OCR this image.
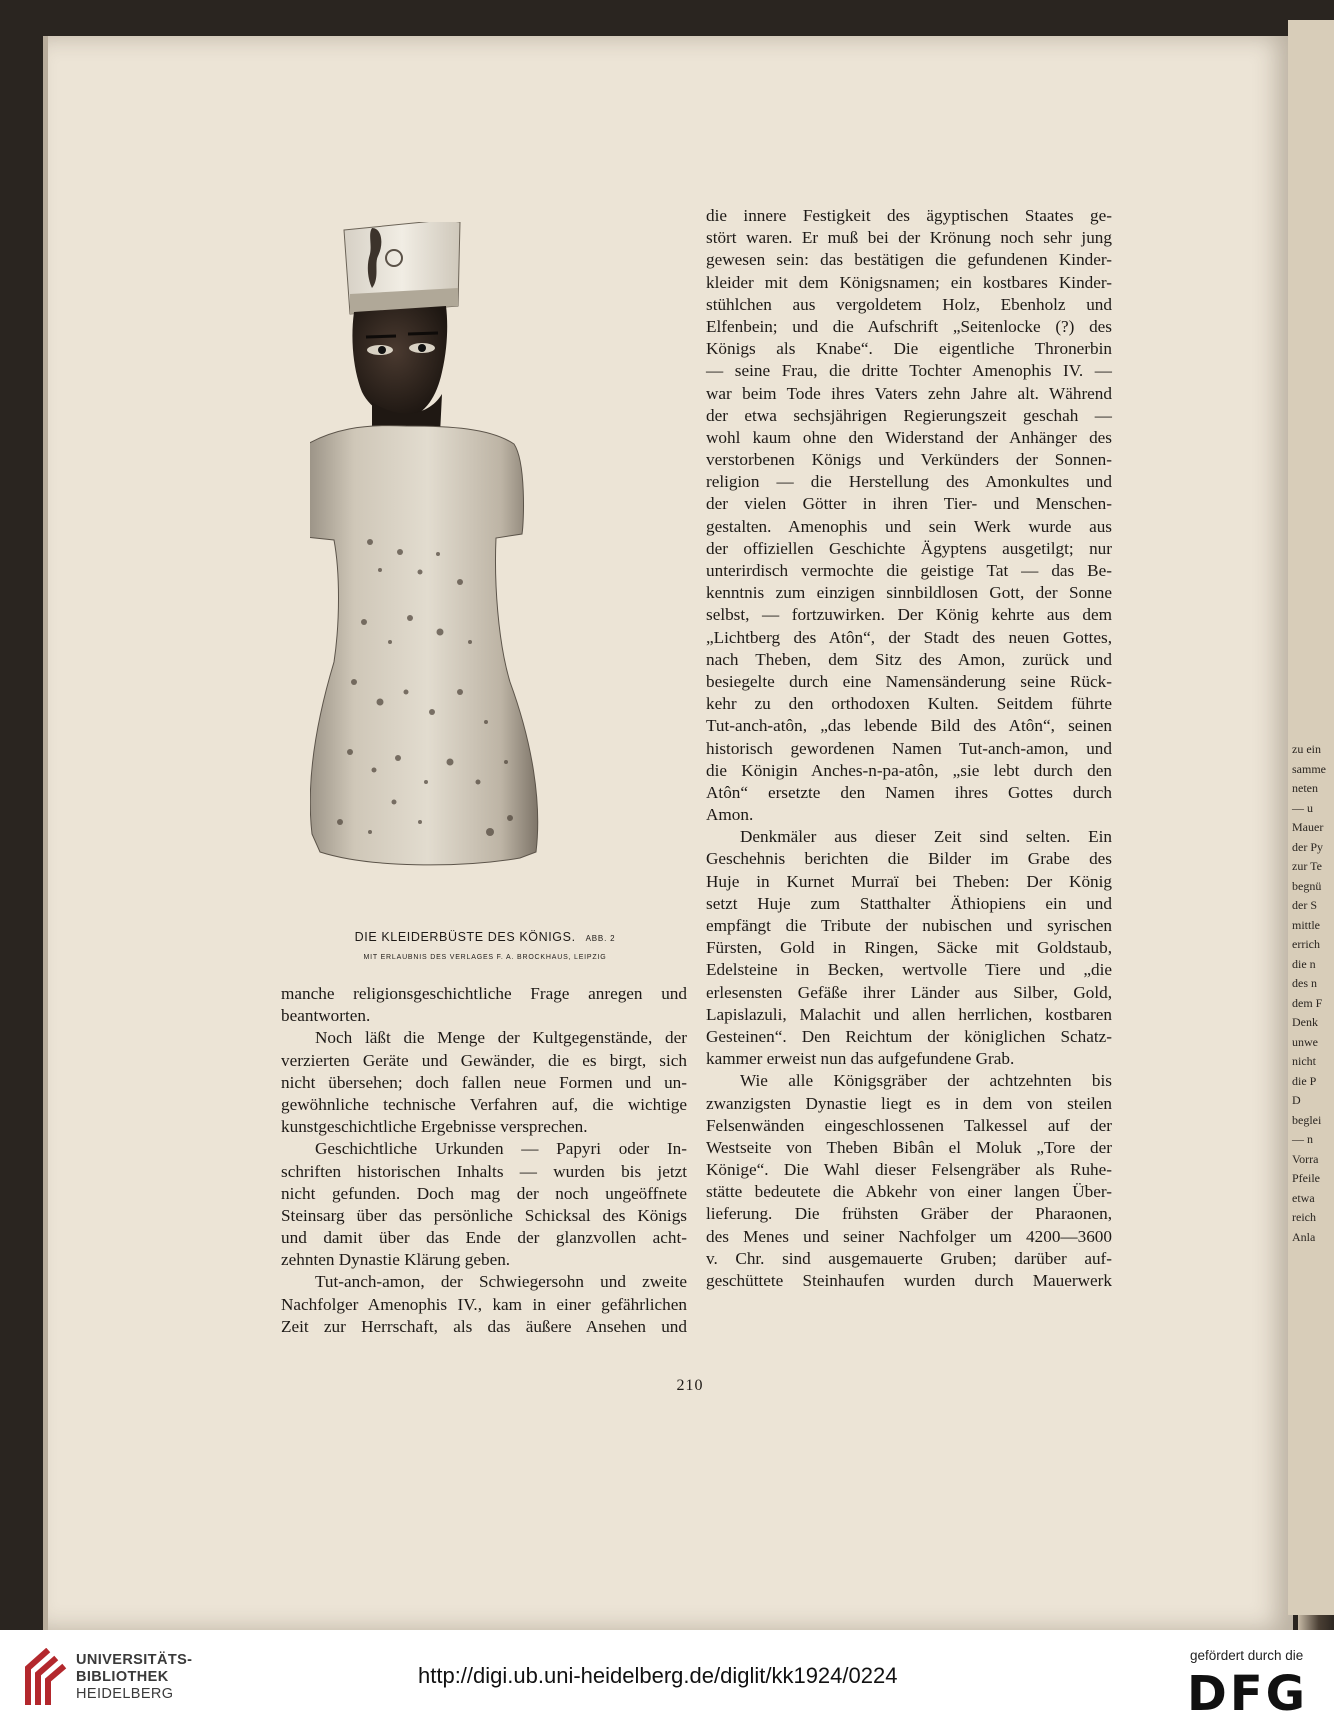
zu ein
samme
neten
— u
Mauer
der Py
zur Te
begnü
der S
mittle
errich
die n
des n
dem F
Denk
unwe
nicht
die P
D
beglei
— n
Vorra
Pfeile
etwa
reich
Anla

DIE KLEIDERBÜSTE DES KÖNIGS. ABB. 2

MIT ERLAUBNIS DES VERLAGES F. A. BROCKHAUS, LEIPZIG

manche religionsgeschichtliche Frage anregen und
beantworten.
Noch läßt die Menge der Kultgegenstände, der
verzierten Geräte und Gewänder, die es birgt, sich
nicht übersehen; doch fallen neue Formen und un-
gewöhnliche technische Verfahren auf, die wichtige
kunstgeschichtliche Ergebnisse versprechen.
Geschichtliche Urkunden — Papyri oder In-
schriften historischen Inhalts — wurden bis jetzt
nicht gefunden. Doch mag der noch ungeöffnete
Steinsarg über das persönliche Schicksal des Königs
und damit über das Ende der glanzvollen acht-
zehnten Dynastie Klärung geben.
Tut-anch-amon, der Schwiegersohn und zweite
Nachfolger Amenophis IV., kam in einer gefährlichen
Zeit zur Herrschaft, als das äußere Ansehen und
die innere Festigkeit des ägyptischen Staates ge-
stört waren. Er muß bei der Krönung noch sehr jung
gewesen sein: das bestätigen die gefundenen Kinder-
kleider mit dem Königsnamen; ein kostbares Kinder-
stühlchen aus vergoldetem Holz, Ebenholz und
Elfenbein; und die Aufschrift „Seitenlocke (?) des
Königs als Knabe“. Die eigentliche Thronerbin
— seine Frau, die dritte Tochter Amenophis IV. —
war beim Tode ihres Vaters zehn Jahre alt. Während
der etwa sechsjährigen Regierungszeit geschah —
wohl kaum ohne den Widerstand der Anhänger des
verstorbenen Königs und Verkünders der Sonnen-
religion — die Herstellung des Amonkultes und
der vielen Götter in ihren Tier- und Menschen-
gestalten. Amenophis und sein Werk wurde aus
der offiziellen Geschichte Ägyptens ausgetilgt; nur
unterirdisch vermochte die geistige Tat — das Be-
kenntnis zum einzigen sinnbildlosen Gott, der Sonne
selbst, — fortzuwirken. Der König kehrte aus dem
„Lichtberg des Atôn“, der Stadt des neuen Gottes,
nach Theben, dem Sitz des Amon, zurück und
besiegelte durch eine Namensänderung seine Rück-
kehr zu den orthodoxen Kulten. Seitdem führte
Tut-anch-atôn, „das lebende Bild des Atôn“, seinen
historisch gewordenen Namen Tut-anch-amon, und
die Königin Anches-n-pa-atôn, „sie lebt durch den
Atôn“ ersetzte den Namen ihres Gottes durch
Amon.
Denkmäler aus dieser Zeit sind selten. Ein
Geschehnis berichten die Bilder im Grabe des
Huje in Kurnet Murraï bei Theben: Der König
setzt Huje zum Statthalter Äthiopiens ein und
empfängt die Tribute der nubischen und syrischen
Fürsten, Gold in Ringen, Säcke mit Goldstaub,
Edelsteine in Becken, wertvolle Tiere und „die
erlesensten Gefäße ihrer Länder aus Silber, Gold,
Lapislazuli, Malachit und allen herrlichen, kostbaren
Gesteinen“. Den Reichtum der königlichen Schatz-
kammer erweist nun das aufgefundene Grab.
Wie alle Königsgräber der achtzehnten bis
zwanzigsten Dynastie liegt es in dem von steilen
Felsenwänden eingeschlossenen Talkessel auf der
Westseite von Theben Bibân el Moluk „Tore der
Könige“. Die Wahl dieser Felsengräber als Ruhe-
stätte bedeutete die Abkehr von einer langen Über-
lieferung. Die frühsten Gräber der Pharaonen,
des Menes und seiner Nachfolger um 4200—3600
v. Chr. sind ausgemauerte Gruben; darüber auf-
geschüttete Steinhaufen wurden durch Mauerwerk

210

UNIVERSITÄTS-
BIBLIOTHEK
HEIDELBERG

http://digi.ub.uni-heidelberg.de/diglit/kk1924/0224

gefördert durch die

DFG
